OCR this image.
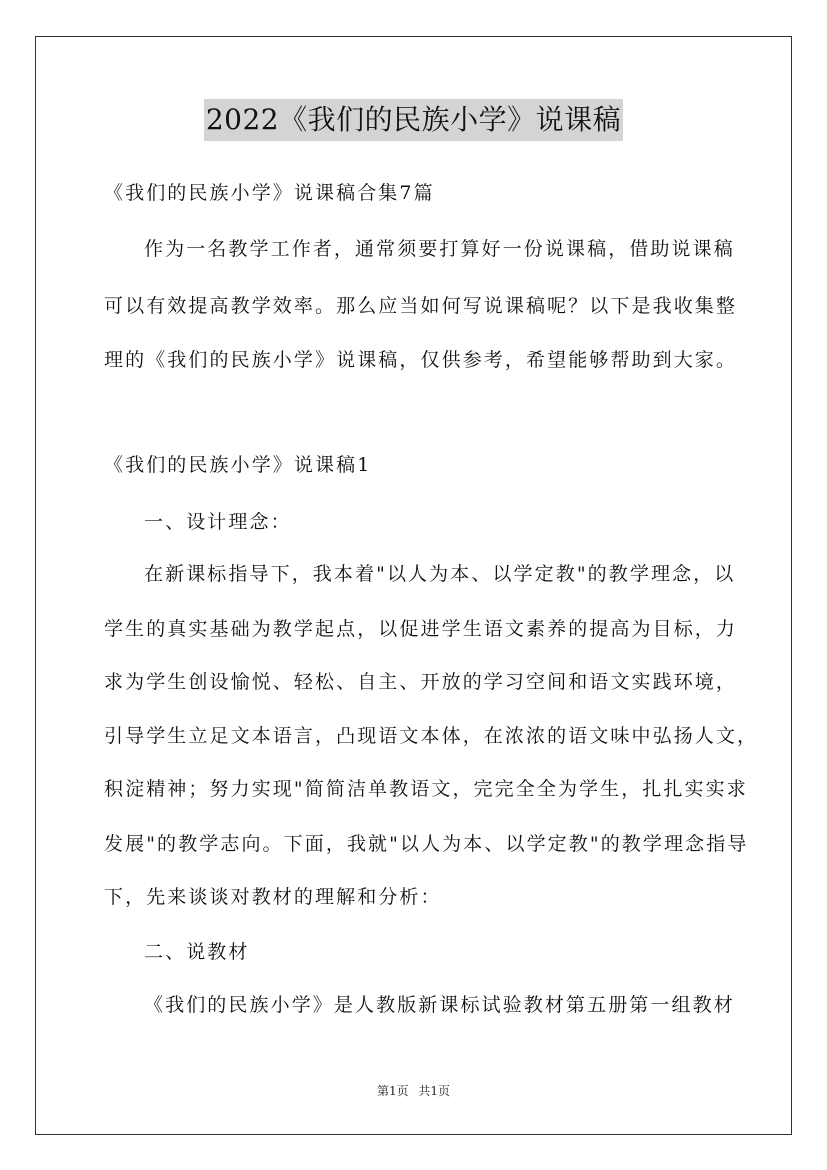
2022《我们的民族小学》说课稿
《我们的民族小学》说课稿合集7篇
作为一名教学工作者，通常须要打算好一份说课稿，借助说课稿
可以有效提高教学效率。那么应当如何写说课稿呢？以下是我收集整
理的《我们的民族小学》说课稿，仅供参考，希望能够帮助到大家。
《我们的民族小学》说课稿1
一、设计理念：
在新课标指导下，我本着"以人为本、以学定教"的教学理念，以
学生的真实基础为教学起点，以促进学生语文素养的提高为目标，力
求为学生创设愉悦、轻松、自主、开放的学习空间和语文实践环境，
引导学生立足文本语言，凸现语文本体，在浓浓的语文味中弘扬人文，
积淀精神；努力实现"简简洁单教语文，完完全全为学生，扎扎实实求
发展"的教学志向。下面，我就"以人为本、以学定教"的教学理念指导
下，先来谈谈对教材的理解和分析：
二、说教材
《我们的民族小学》是人教版新课标试验教材第五册第一组教材
第1页 共1页
